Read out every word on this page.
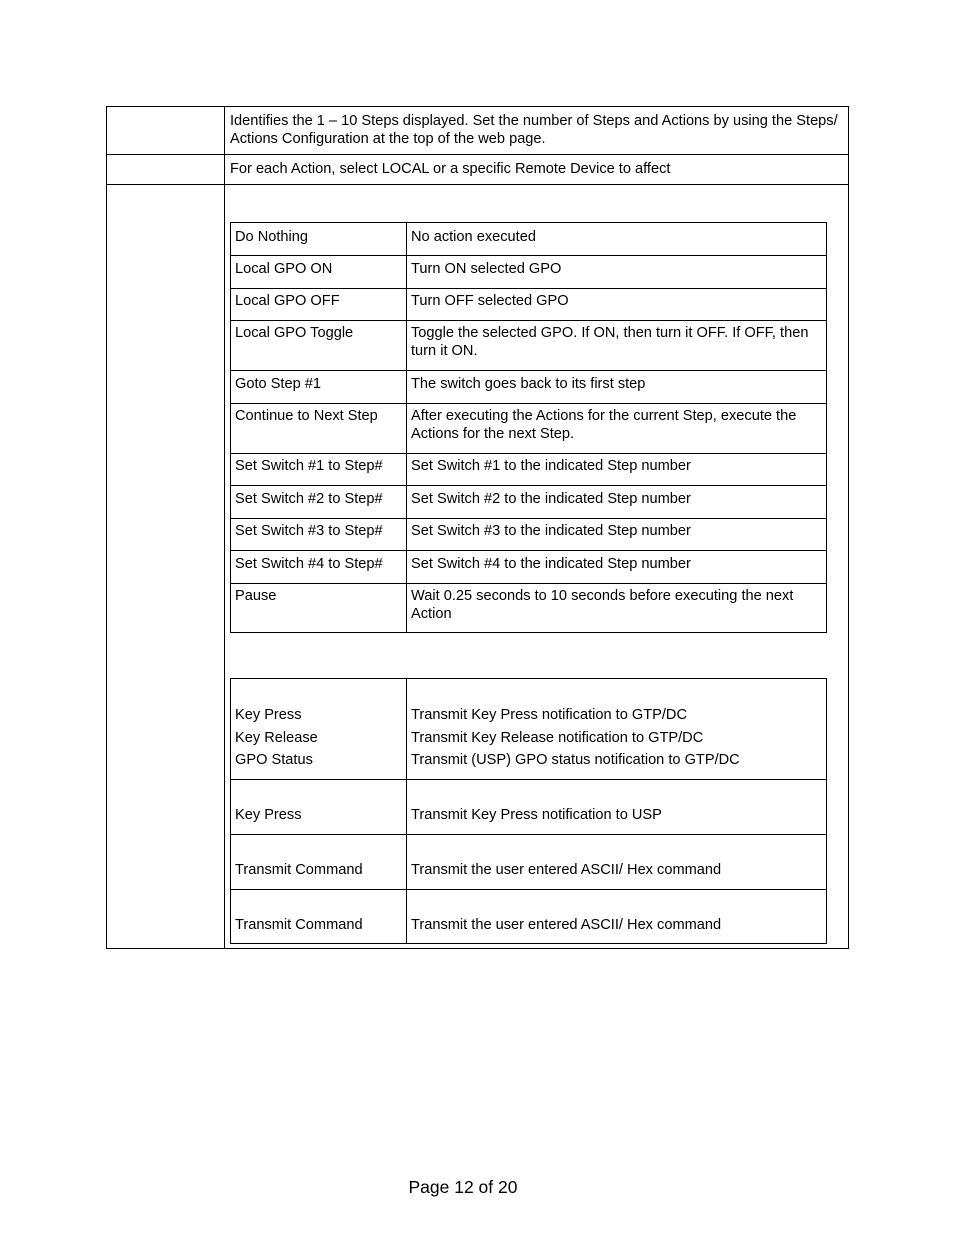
Identifies the 1 – 10 Steps displayed. Set the number of Steps and Actions by using the Steps/ Actions Configuration at the top of the web page.
For each Action, select LOCAL or a specific Remote Device to affect
Do Nothing	No action executed
Local GPO ON	Turn ON selected GPO
Local GPO OFF	Turn OFF selected GPO
Local GPO Toggle	Toggle the selected GPO. If ON, then turn it OFF. If OFF, then turn it ON.
Goto Step #1	The switch goes back to its first step
Continue to Next Step	After executing the Actions for the current Step, execute the Actions for the next Step.
Set Switch #1 to Step#	Set Switch #1 to the indicated Step number
Set Switch #2 to Step#	Set Switch #2 to the indicated Step number
Set Switch #3 to Step#	Set Switch #3 to the indicated Step number
Set Switch #4 to Step#	Set Switch #4 to the indicated Step number
Pause	Wait 0.25 seconds to 10 seconds before executing the next Action
Key Press	Transmit Key Press notification to GTP/DC
Key Release	Transmit Key Release notification to GTP/DC
GPO Status	Transmit (USP) GPO status notification to GTP/DC
Key Press	Transmit Key Press notification to USP
Transmit Command	Transmit the user entered ASCII/ Hex command
Transmit Command	Transmit the user entered ASCII/ Hex command
Page 12 of 20
